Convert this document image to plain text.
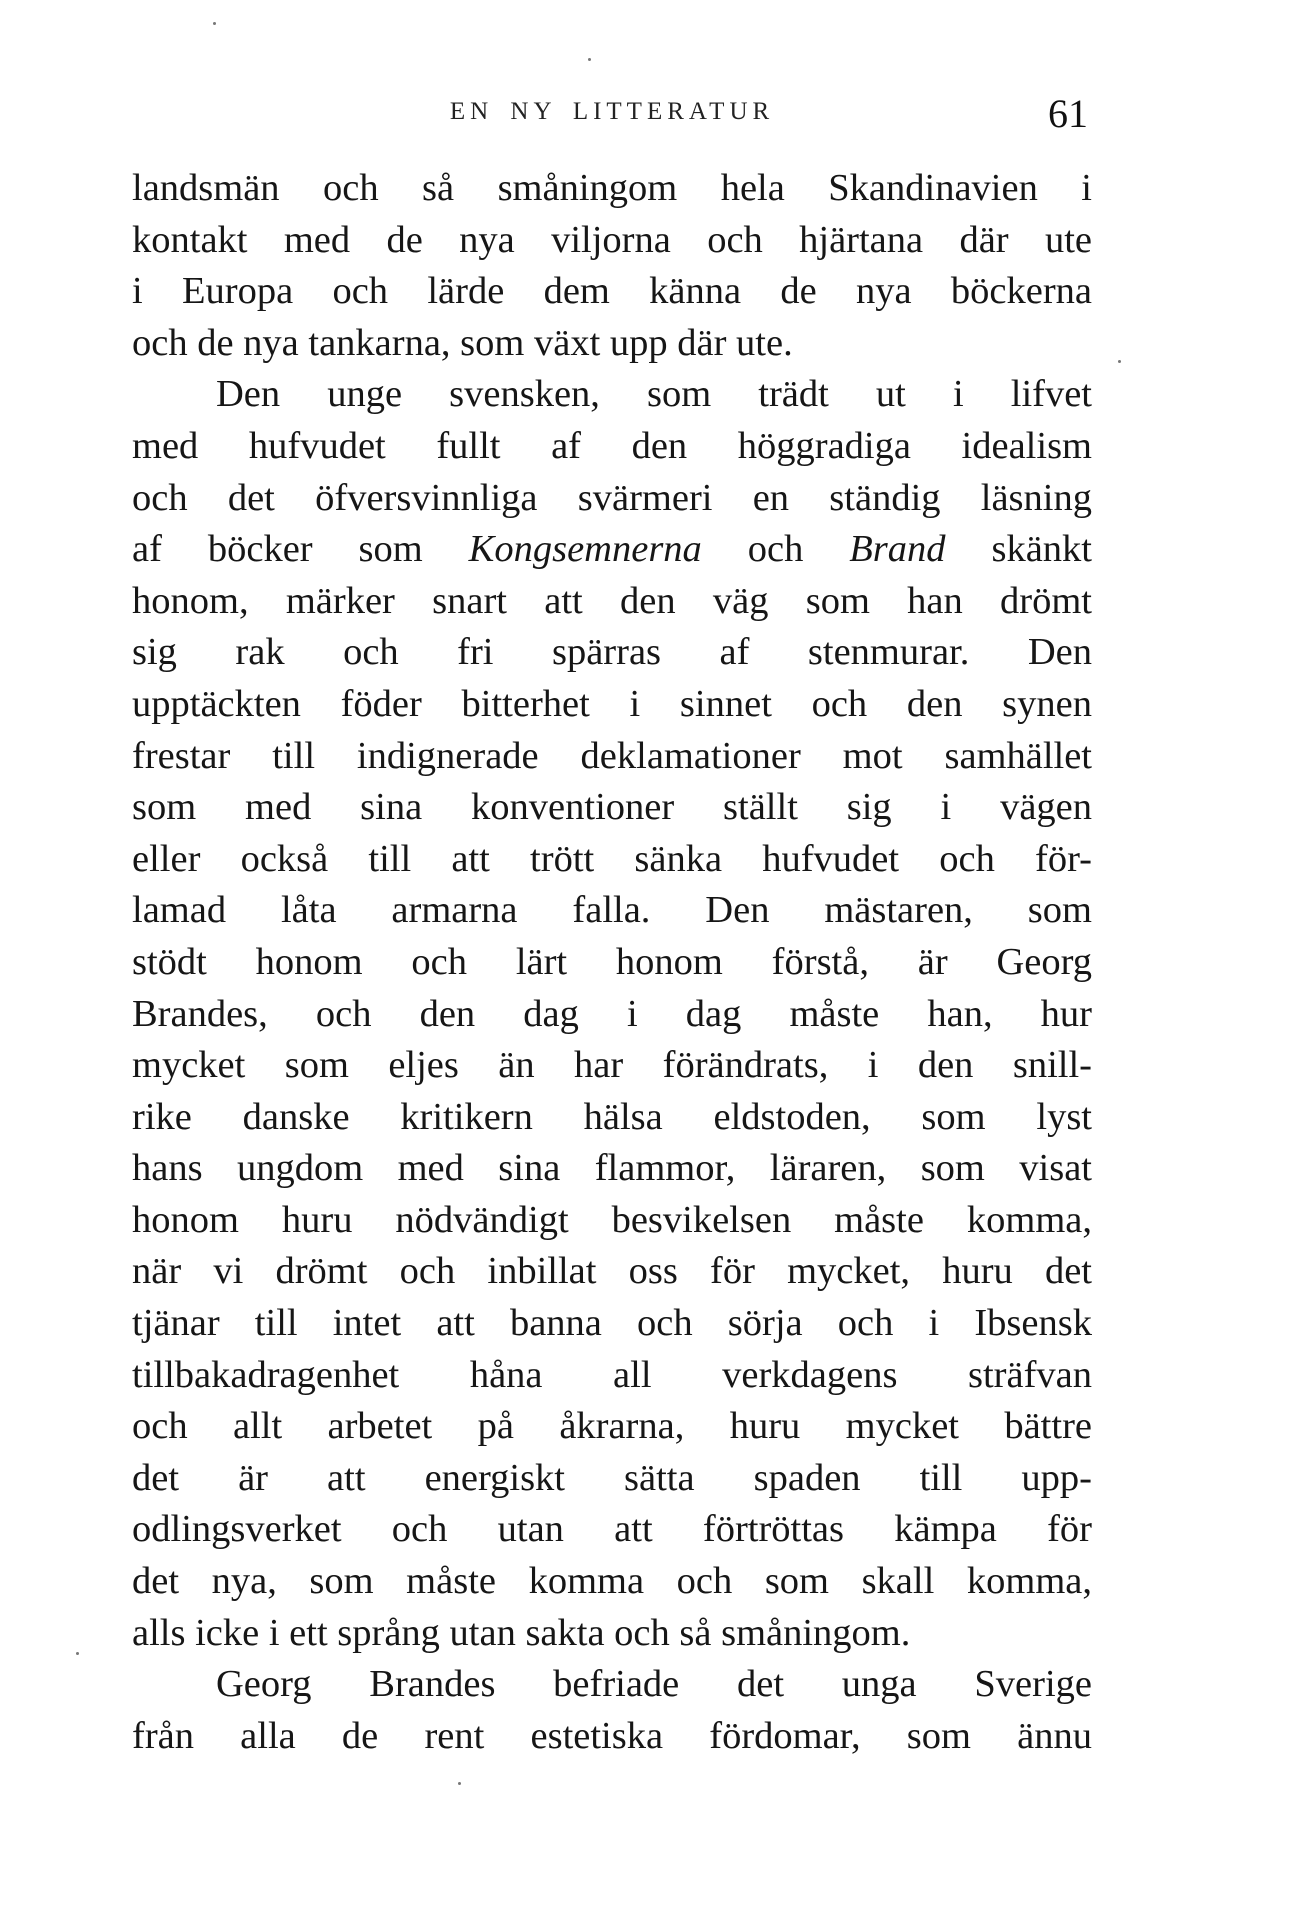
EN NY LITTERATUR	61
landsmän och så småningom hela Skandinavien i
kontakt med de nya viljorna och hjärtana där ute
i Europa och lärde dem känna de nya böckerna
och de nya tankarna, som växt upp där ute.
Den unge svensken, som trädt ut i lifvet
med hufvudet fullt af den höggradiga idealism
och det öfversvinnliga svärmeri en ständig läsning
af böcker som Kongsemnerna och Brand skänkt
honom, märker snart att den väg som han drömt
sig rak och fri spärras af stenmurar. Den
upptäckten föder bitterhet i sinnet och den synen
frestar till indignerade deklamationer mot samhället
som med sina konventioner ställt sig i vägen
eller också till att trött sänka hufvudet och för-
lamad låta armarna falla. Den mästaren, som
stödt honom och lärt honom förstå, är Georg
Brandes, och den dag i dag måste han, hur
mycket som eljes än har förändrats, i den snill-
rike danske kritikern hälsa eldstoden, som lyst
hans ungdom med sina flammor, läraren, som visat
honom huru nödvändigt besvikelsen måste komma,
när vi drömt och inbillat oss för mycket, huru det
tjänar till intet att banna och sörja och i Ibsensk
tillbakadragenhet håna all verkdagens sträfvan
och allt arbetet på åkrarna, huru mycket bättre
det är att energiskt sätta spaden till upp-
odlingsverket och utan att förtröttas kämpa för
det nya, som måste komma och som skall komma,
alls icke i ett språng utan sakta och så småningom.
Georg Brandes befriade det unga Sverige
från alla de rent estetiska fördomar, som ännu
